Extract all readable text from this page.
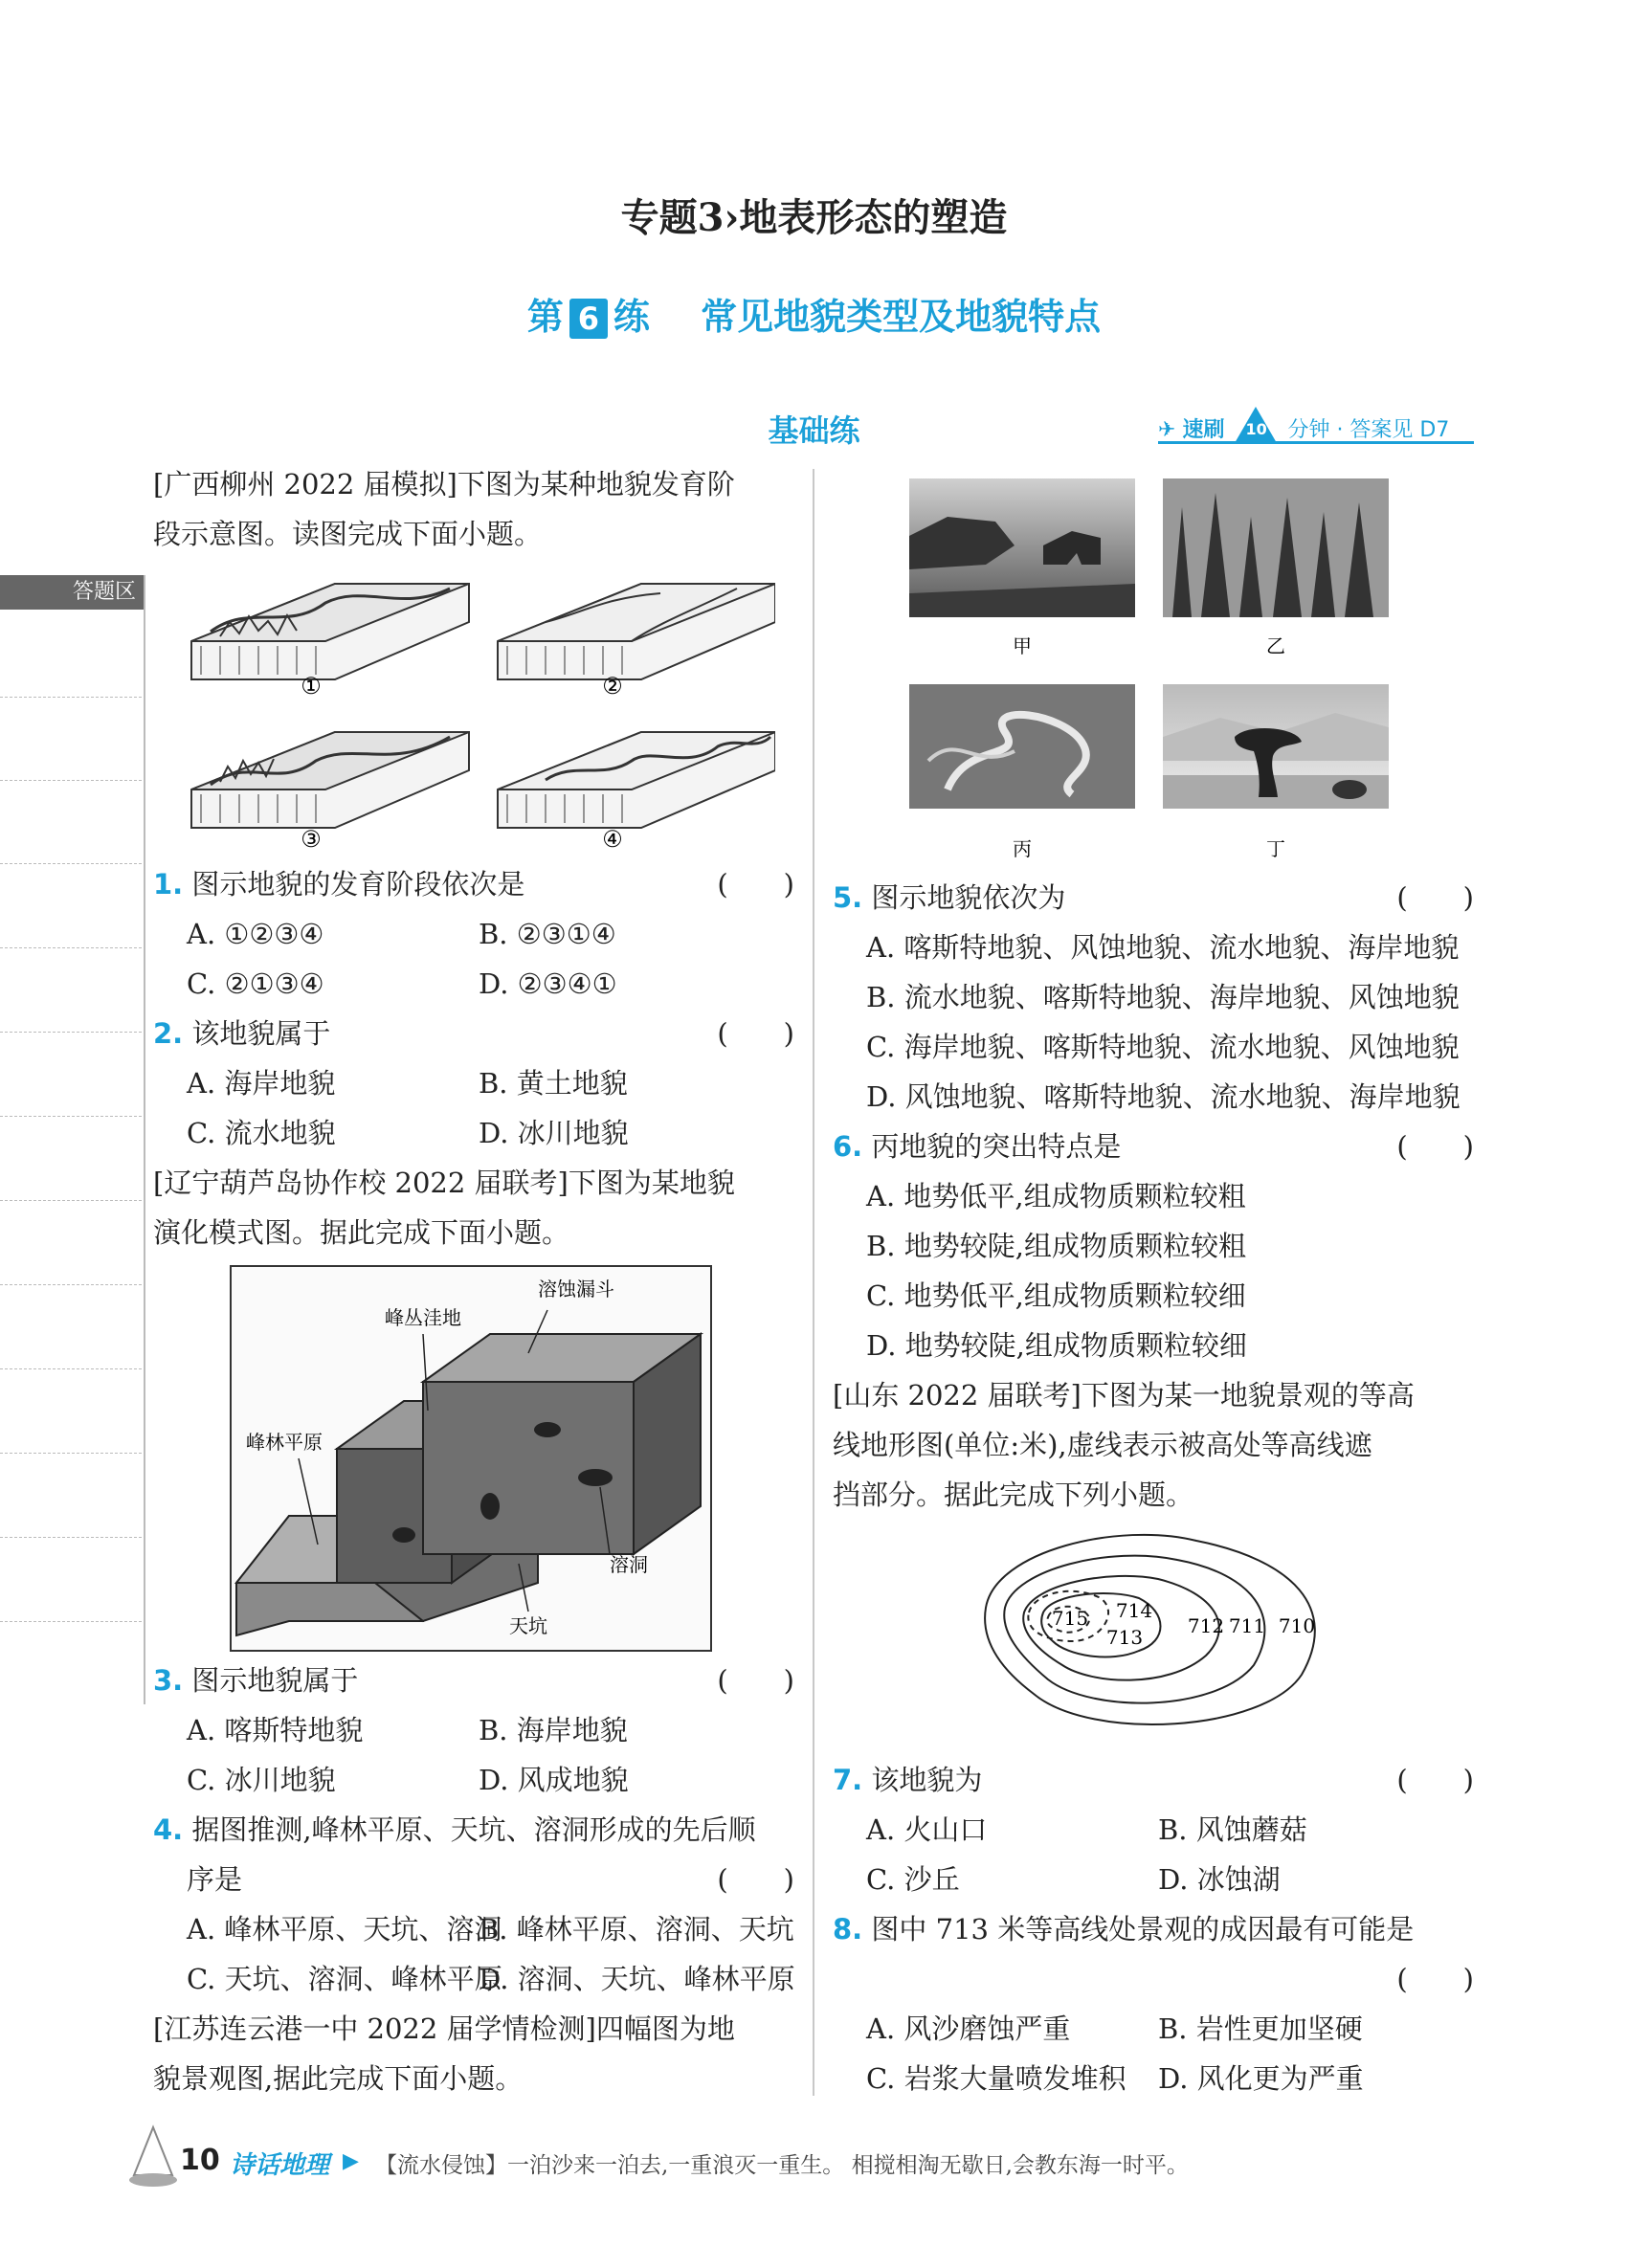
专题3›地表形态的塑造
第 6 练 常见地貌类型及地貌特点
基础练	✈ 速刷 10 分钟 · 答案见 D7
答题区
[广西柳州 2022 届模拟]下图为某种地貌发育阶
段示意图。读图完成下面小题。
①	②
③	④
1. 图示地貌的发育阶段依次是	(　　)
A. ①②③④	B. ②③①④
C. ②①③④	D. ②③④①
2. 该地貌属于	(　　)
A. 海岸地貌	B. 黄土地貌
C. 流水地貌	D. 冰川地貌
[辽宁葫芦岛协作校 2022 届联考]下图为某地貌
演化模式图。据此完成下面小题。
溶蚀漏斗
峰丛洼地
峰林平原
溶洞
天坑
3. 图示地貌属于	(　　)
A. 喀斯特地貌	B. 海岸地貌
C. 冰川地貌	D. 风成地貌
4. 据图推测,峰林平原、天坑、溶洞形成的先后顺
序是	(　　)
A. 峰林平原、天坑、溶洞
B. 峰林平原、溶洞、天坑
C. 天坑、溶洞、峰林平原
D. 溶洞、天坑、峰林平原
[江苏连云港一中 2022 届学情检测]四幅图为地
貌景观图,据此完成下面小题。
甲	乙
丙	丁
5. 图示地貌依次为	(　　)
A. 喀斯特地貌、风蚀地貌、流水地貌、海岸地貌
B. 流水地貌、喀斯特地貌、海岸地貌、风蚀地貌
C. 海岸地貌、喀斯特地貌、流水地貌、风蚀地貌
D. 风蚀地貌、喀斯特地貌、流水地貌、海岸地貌
6. 丙地貌的突出特点是	(　　)
A. 地势低平,组成物质颗粒较粗
B. 地势较陡,组成物质颗粒较粗
C. 地势低平,组成物质颗粒较细
D. 地势较陡,组成物质颗粒较细
[山东 2022 届联考]下图为某一地貌景观的等高
线地形图(单位:米),虚线表示被高处等高线遮
挡部分。据此完成下列小题。
715 714
713 712 711 710
7. 该地貌为	(　　)
A. 火山口	B. 风蚀蘑菇
C. 沙丘	D. 冰蚀湖
8. 图中 713 米等高线处景观的成因最有可能是
(　　)
A. 风沙磨蚀严重	B. 岩性更加坚硬
C. 岩浆大量喷发堆积 D. 风化更为严重
10 诗话地理 ▶ 【流水侵蚀】一泊沙来一泊去,一重浪灭一重生。 相搅相淘无歇日,会教东海一时平。
